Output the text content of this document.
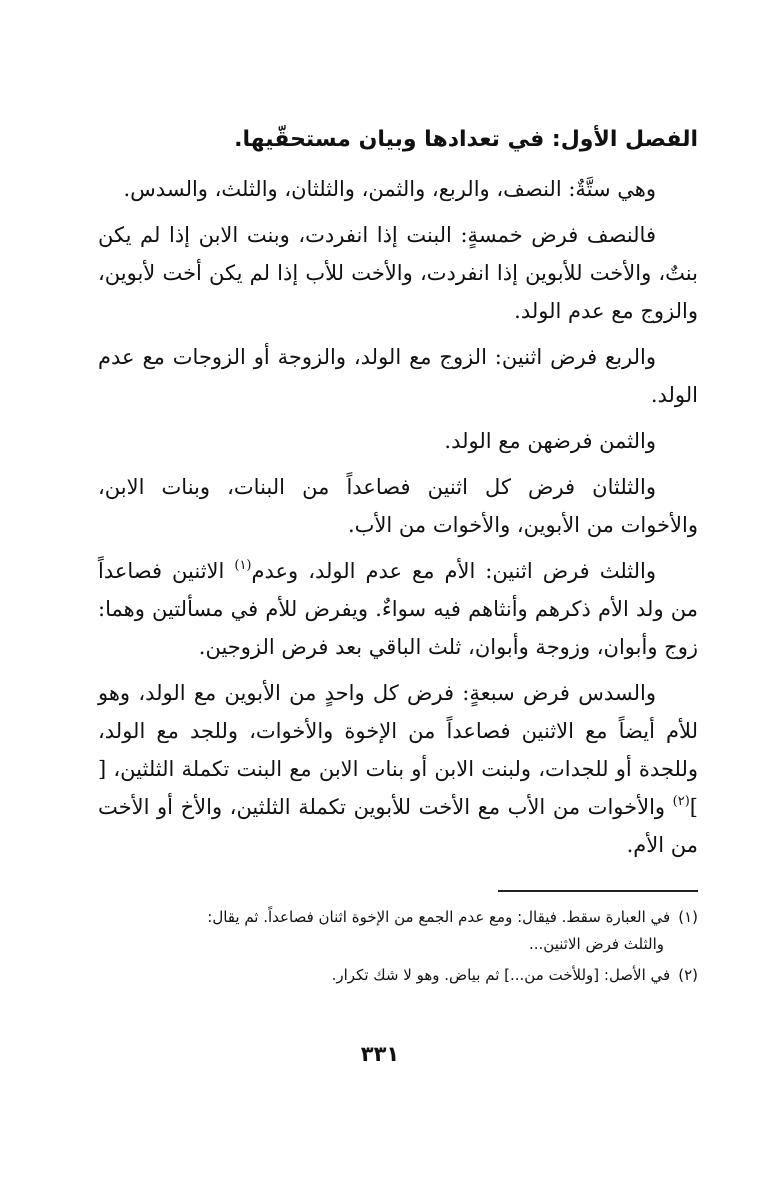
الفصل الأول: في تعدادها وبيان مستحقّيها.

وهي ستَّةٌ: النصف، والربع، والثمن، والثلثان، والثلث، والسدس.

فالنصف فرض خمسةٍ: البنت إذا انفردت، وبنت الابن إذا لم يكن بنتٌ، والأخت للأبوين إذا انفردت، والأخت للأب إذا لم يكن أخت لأبوين، والزوج مع عدم الولد.

والربع فرض اثنين: الزوج مع الولد، والزوجة أو الزوجات مع عدم الولد.

والثمن فرضهن مع الولد.

والثلثان فرض كل اثنين فصاعداً من البنات، وبنات الابن، والأخوات من الأبوين، والأخوات من الأب.

والثلث فرض اثنين: الأم مع عدم الولد، وعدم$^{(١)}$ الاثنين فصاعداً من ولد الأم ذكرهم وأنثاهم فيه سواءٌ. ويفرض للأم في مسألتين وهما: زوج وأبوان، وزوجة وأبوان، ثلث الباقي بعد فرض الزوجين.

والسدس فرض سبعةٍ: فرض كل واحدٍ من الأبوين مع الولد، وهو للأم أيضاً مع الاثنين فصاعداً من الإخوة والأخوات، وللجد مع الولد، وللجدة أو للجدات، ولبنت الابن أو بنات الابن مع البنت تكملة الثلثين، [ ]$^{(٢)}$ والأخوات من الأب مع الأخت للأبوين تكملة الثلثين، والأخ أو الأخت من الأم.

(١)في العبارة سقط. فيقال: ومع عدم الجمع من الإخوة اثنان فصاعداً. ثم يقال:
والثلث فرض الاثنين...

(٢)في الأصل: [وللأخت من...] ثم بياض. وهو لا شك تكرار.

٣٣١
